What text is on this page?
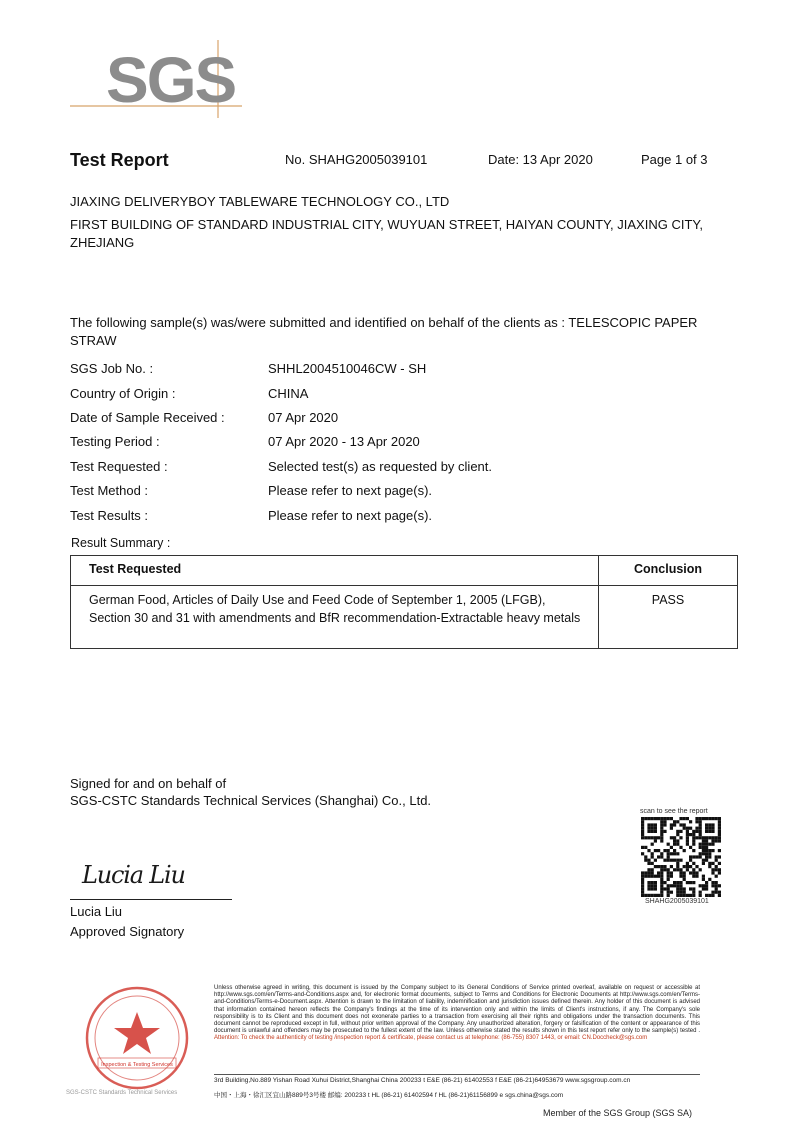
SGS
Test Report	No. SHAHG2005039101	Date: 13 Apr 2020	Page 1 of 3
JIAXING DELIVERYBOY TABLEWARE TECHNOLOGY CO., LTD
FIRST BUILDING OF STANDARD INDUSTRIAL CITY, WUYUAN STREET, HAIYAN COUNTY, JIAXING CITY, ZHEJIANG
The following sample(s) was/were submitted and identified on behalf of the clients as : TELESCOPIC PAPER STRAW
SGS Job No. :	SHHL2004510046CW - SH
Country of Origin :	CHINA
Date of Sample Received :	07 Apr 2020
Testing Period :	07 Apr 2020 - 13 Apr 2020
Test Requested :	Selected test(s) as requested by client.
Test Method :	Please refer to next page(s).
Test Results :	Please refer to next page(s).
Result Summary :
Test Requested	Conclusion
German Food, Articles of Daily Use and Feed Code of September 1, 2005 (LFGB), Section 30 and 31 with amendments and BfR recommendation-Extractable heavy metals	PASS
Signed for and on behalf of
SGS-CSTC Standards Technical Services (Shanghai) Co., Ltd.
Lucia Liu
Lucia Liu
Approved Signatory
scan to see the report
SHAHG2005039101
Inspection & Testing Services
SGS-CSTC Standards Technical Services
Unless otherwise agreed in writing, this document is issued by the Company subject to its General Conditions of Service printed overleaf, available on request or accessible at http://www.sgs.com/en/Terms-and-Conditions.aspx and, for electronic format documents, subject to Terms and Conditions for Electronic Documents at http://www.sgs.com/en/Terms-and-Conditions/Terms-e-Document.aspx. Attention is drawn to the limitation of liability, indemnification and jurisdiction issues defined therein. Any holder of this document is advised that information contained hereon reflects the Company's findings at the time of its intervention only and within the limits of Client's instructions, if any. The Company's sole responsibility is to its Client and this document does not exonerate parties to a transaction from exercising all their rights and obligations under the transaction documents. This document cannot be reproduced except in full, without prior written approval of the Company. Any unauthorized alteration, forgery or falsification of the content or appearance of this document is unlawful and offenders may be prosecuted to the fullest extent of the law. Unless otherwise stated the results shown in this test report refer only to the sample(s) tested . Attention: To check the authenticity of testing /inspection report & certificate, please contact us at telephone: (86-755) 8307 1443, or email: CN.Doccheck@sgs.com
3rd Building,No.889 Yishan Road Xuhui District,Shanghai China 200233 t E&E (86-21) 61402553 f E&E (86-21)64953679 www.sgsgroup.com.cn
中国・上海・徐汇区宜山路889号3号楼 邮编: 200233 t HL (86-21) 61402594 f HL (86-21)61156899 e sgs.china@sgs.com
Member of the SGS Group (SGS SA)
